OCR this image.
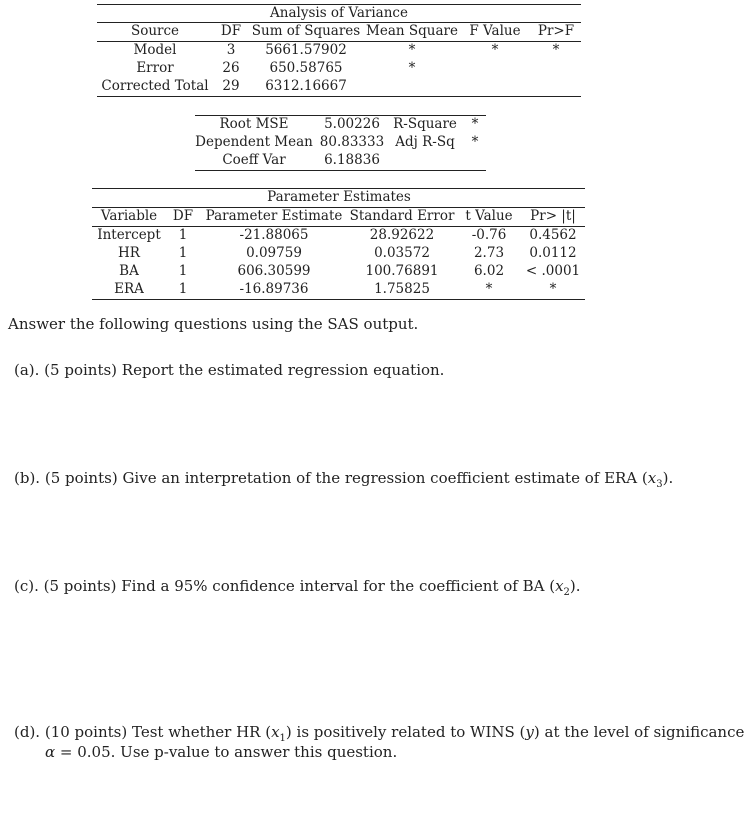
Analysis of Variance
Source	DF Sum of Squares Mean Square F Value Pr>F
Model	3 5661.57902	*	*	*
Error	26 650.58765	*
Corrected Total 29 6312.16667
Root MSE	5.00226 R-Square *
Dependent Mean 80.83333 Adj R-Sq *
Coeff Var	6.18836
Parameter Estimates
Variable DF Parameter Estimate Standard Error t Value Pr> |t|
Intercept 1	-21.88065	28.92622	-0.76 0.4562
HR	1	0.09759	0.03572	2.73 0.0112
BA	1	606.30599	100.76891	6.02 < .0001
ERA	1	-16.89736	1.75825	*	*
Answer the following questions using the SAS output.
(a). (5 points) Report the estimated regression equation.
(b). (5 points) Give an interpretation of the regression coefficient estimate of ERA $(x_3)$.
(c). (5 points) Find a 95% confidence interval for the coefficient of BA $(x_2)$.
(d). (10 points) Test whether HR $(x_1)$ is positively related to WINS (y) at the level of significance
α = 0.05. Use p-value to answer this question.
